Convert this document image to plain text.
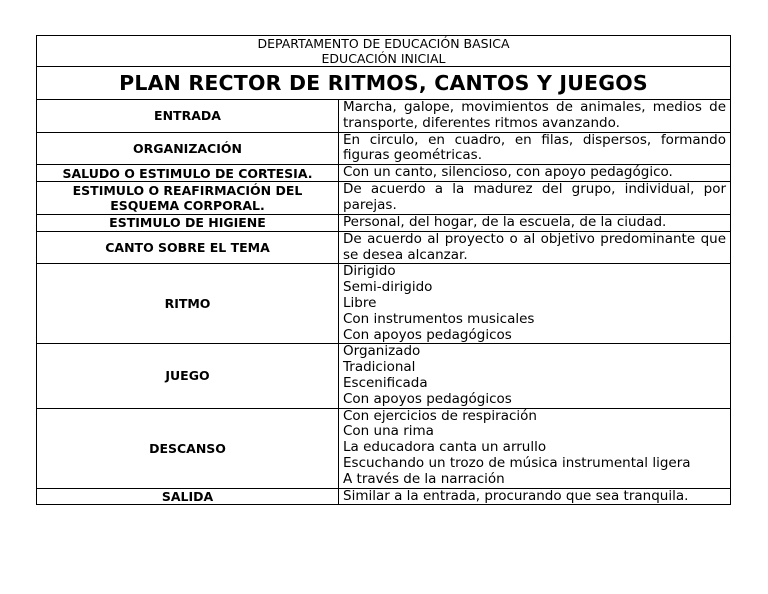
DEPARTAMENTO DE EDUCACIÓN BASICA
EDUCACIÓN INICIAL	

PLAN RECTOR DE RITMOS, CANTOS Y JUEGOS	
ENTRADA	Marcha, galope, movimientos de animales, medios de transporte, diferentes ritmos avanzando.
ORGANIZACIÓN	En circulo, en cuadro, en filas, dispersos, formando figuras geométricas.
SALUDO O ESTIMULO DE CORTESIA.	Con un canto, silencioso, con apoyo pedagógico.
ESTIMULO O REAFIRMACIÓN DEL ESQUEMA CORPORAL.	De acuerdo a la madurez del grupo, individual, por parejas.
ESTIMULO DE HIGIENE	Personal, del hogar, de la escuela, de la ciudad.
CANTO SOBRE EL TEMA	De acuerdo al proyecto o al objetivo predominante que se desea alcanzar.
RITMO	Dirigido
Semi-dirigido
Libre
Con instrumentos musicales
Con apoyos pedagógicos

JUEGO	Organizado
Tradicional
Escenificada
Con apoyos pedagógicos

DESCANSO	Con ejercicios de respiración
Con una rima
La educadora canta un arrullo
Escuchando un trozo de música instrumental ligera
A través de la narración

SALIDA	Similar a la entrada, procurando que sea tranquila.
